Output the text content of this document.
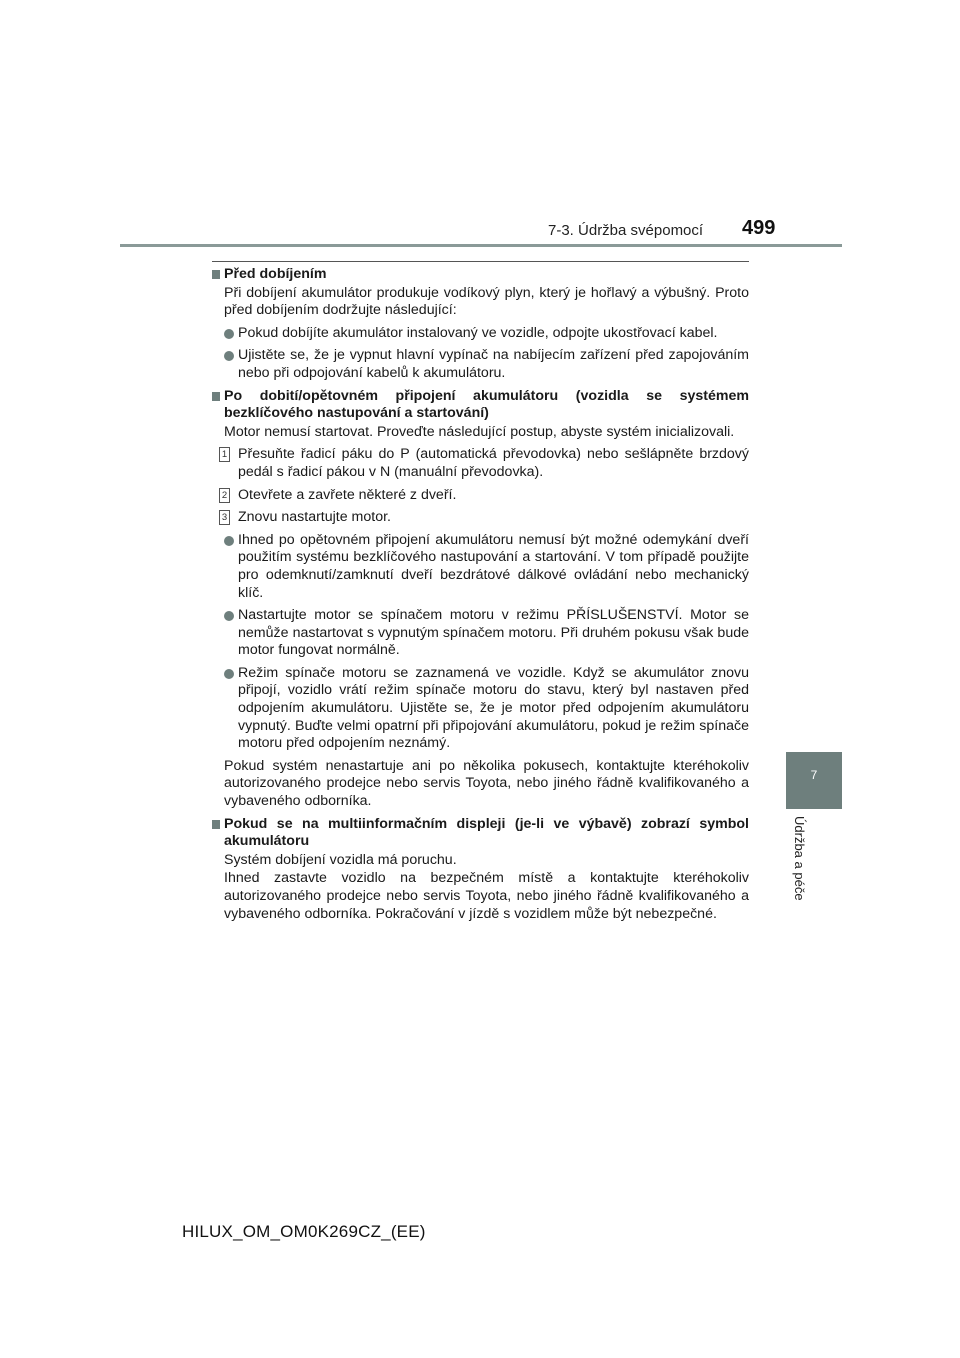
7-3. Údržba svépomocí 499
7
Údržba a péče
Před dobíjením
Při dobíjení akumulátor produkuje vodíkový plyn, který je hořlavý a výbušný. Proto před dobíjením dodržujte následující:
Pokud dobíjíte akumulátor instalovaný ve vozidle, odpojte ukostřovací kabel.
Ujistěte se, že je vypnut hlavní vypínač na nabíjecím zařízení před zapojováním nebo při odpojování kabelů k akumulátoru.
Po dobití/opětovném připojení akumulátoru (vozidla se systémem bezklíčového nastupování a startování)
Motor nemusí startovat. Proveďte následující postup, abyste systém inicializovali.
1 Přesuňte řadicí páku do P (automatická převodovka) nebo sešlápněte brzdový pedál s řadicí pákou v N (manuální převodovka).
2 Otevřete a zavřete některé z dveří.
3 Znovu nastartujte motor.
Ihned po opětovném připojení akumulátoru nemusí být možné odemykání dveří použitím systému bezklíčového nastupování a startování. V tom případě použijte pro odemknutí/zamknutí dveří bezdrátové dálkové ovládání nebo mechanický klíč.
Nastartujte motor se spínačem motoru v režimu PŘÍSLUŠENSTVÍ. Motor se nemůže nastartovat s vypnutým spínačem motoru. Při druhém pokusu však bude motor fungovat normálně.
Režim spínače motoru se zaznamená ve vozidle. Když se akumulátor znovu připojí, vozidlo vrátí režim spínače motoru do stavu, který byl nastaven před odpojením akumulátoru. Ujistěte se, že je motor před odpojením akumulátoru vypnutý. Buďte velmi opatrní při připojování akumulátoru, pokud je režim spínače motoru před odpojením neznámý.
Pokud systém nenastartuje ani po několika pokusech, kontaktujte kteréhokoliv autorizovaného prodejce nebo servis Toyota, nebo jiného řádně kvalifikovaného a vybaveného odborníka.
Pokud se na multiinformačním displeji (je-li ve výbavě) zobrazí symbol akumulátoru
Systém dobíjení vozidla má poruchu.
Ihned zastavte vozidlo na bezpečném místě a kontaktujte kteréhokoliv autorizovaného prodejce nebo servis Toyota, nebo jiného řádně kvalifikovaného a vybaveného odborníka. Pokračování v jízdě s vozidlem může být nebezpečné.
HILUX_OM_OM0K269CZ_(EE)
